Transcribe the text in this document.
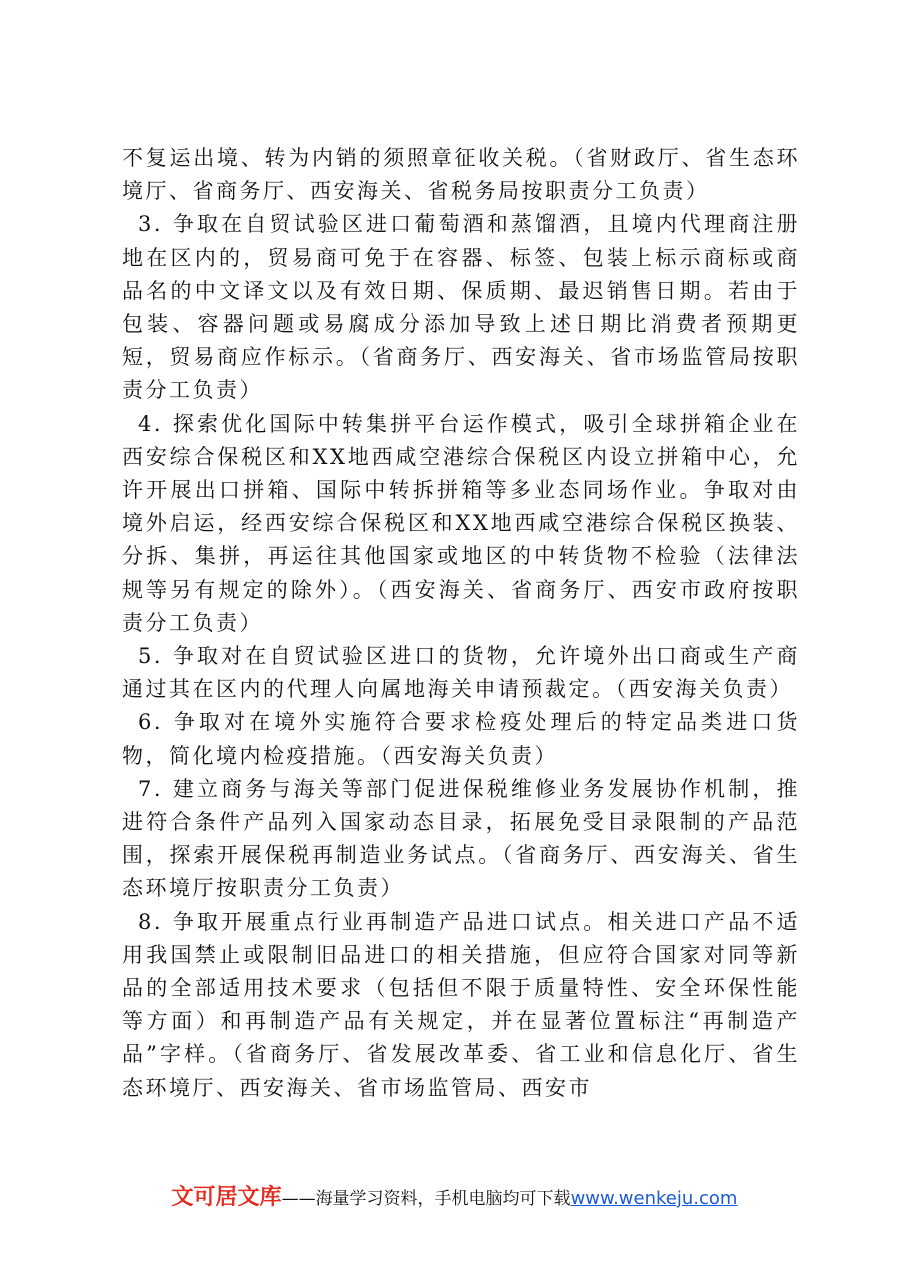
不复运出境、转为内销的须照章征收关税。（省财政厅、省生态环境厅、省商务厅、西安海关、省税务局按职责分工负责）

3. 争取在自贸试验区进口葡萄酒和蒸馏酒，且境内代理商注册地在区内的，贸易商可免于在容器、标签、包装上标示商标或商品名的中文译文以及有效日期、保质期、最迟销售日期。若由于包装、容器问题或易腐成分添加导致上述日期比消费者预期更短，贸易商应作标示。（省商务厅、西安海关、省市场监管局按职责分工负责）

4. 探索优化国际中转集拼平台运作模式，吸引全球拼箱企业在西安综合保税区和XX地西咸空港综合保税区内设立拼箱中心，允许开展出口拼箱、国际中转拆拼箱等多业态同场作业。争取对由境外启运，经西安综合保税区和XX地西咸空港综合保税区换装、分拆、集拼，再运往其他国家或地区的中转货物不检验（法律法规等另有规定的除外）。（西安海关、省商务厅、西安市政府按职责分工负责）

5. 争取对在自贸试验区进口的货物，允许境外出口商或生产商通过其在区内的代理人向属地海关申请预裁定。（西安海关负责）

6. 争取对在境外实施符合要求检疫处理后的特定品类进口货物，简化境内检疫措施。（西安海关负责）

7. 建立商务与海关等部门促进保税维修业务发展协作机制，推进符合条件产品列入国家动态目录，拓展免受目录限制的产品范围，探索开展保税再制造业务试点。（省商务厅、西安海关、省生态环境厅按职责分工负责）

8. 争取开展重点行业再制造产品进口试点。相关进口产品不适用我国禁止或限制旧品进口的相关措施，但应符合国家对同等新品的全部适用技术要求（包括但不限于质量特性、安全环保性能等方面）和再制造产品有关规定，并在显著位置标注“再制造产品”字样。（省商务厅、省发展改革委、省工业和信息化厅、省生态环境厅、西安海关、省市场监管局、西安市

文可居文库——海量学习资料，手机电脑均可下载www.wenkeju.com
